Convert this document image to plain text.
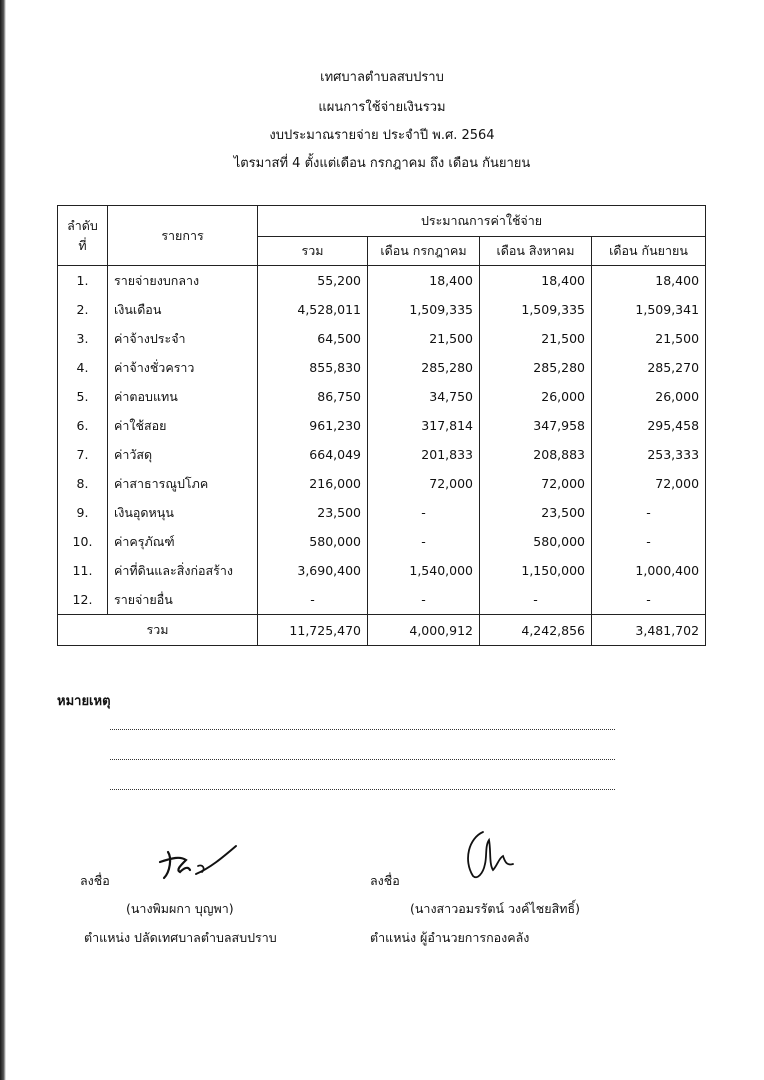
เทศบาลตำบลสบปราบ
แผนการใช้จ่ายเงินรวม
งบประมาณรายจ่าย ประจำปี พ.ศ. 2564
ไตรมาสที่ 4 ตั้งแต่เดือน กรกฎาคม ถึง เดือน กันยายน
ลำดับที่	รายการ	ประมาณการค่าใช้จ่าย			
		รวม	เดือน กรกฎาคม	เดือน สิงหาคม	เดือน กันยายน
1.	รายจ่ายงบกลาง	55,200	18,400	18,400	18,400
2.	เงินเดือน	4,528,011	1,509,335	1,509,335	1,509,341
3.	ค่าจ้างประจำ	64,500	21,500	21,500	21,500
4.	ค่าจ้างชั่วคราว	855,830	285,280	285,280	285,270
5.	ค่าตอบแทน	86,750	34,750	26,000	26,000
6.	ค่าใช้สอย	961,230	317,814	347,958	295,458
7.	ค่าวัสดุ	664,049	201,833	208,883	253,333
8.	ค่าสาธารณูปโภค	216,000	72,000	72,000	72,000
9.	เงินอุดหนุน	23,500	-	23,500	-
10.	ค่าครุภัณฑ์	580,000	-	580,000	-
11.	ค่าที่ดินและสิ่งก่อสร้าง	3,690,400	1,540,000	1,150,000	1,000,400
12.	รายจ่ายอื่น	-	-	-	-
รวม		11,725,470	4,000,912	4,242,856	3,481,702
หมายเหตุ
ลงชื่อ
(นางพิมผกา บุญพา)
ตำแหน่ง ปลัดเทศบาลตำบลสบปราบ
ลงชื่อ
(นางสาวอมรรัตน์ วงค์ไชยสิทธิ์)
ตำแหน่ง ผู้อำนวยการกองคลัง
